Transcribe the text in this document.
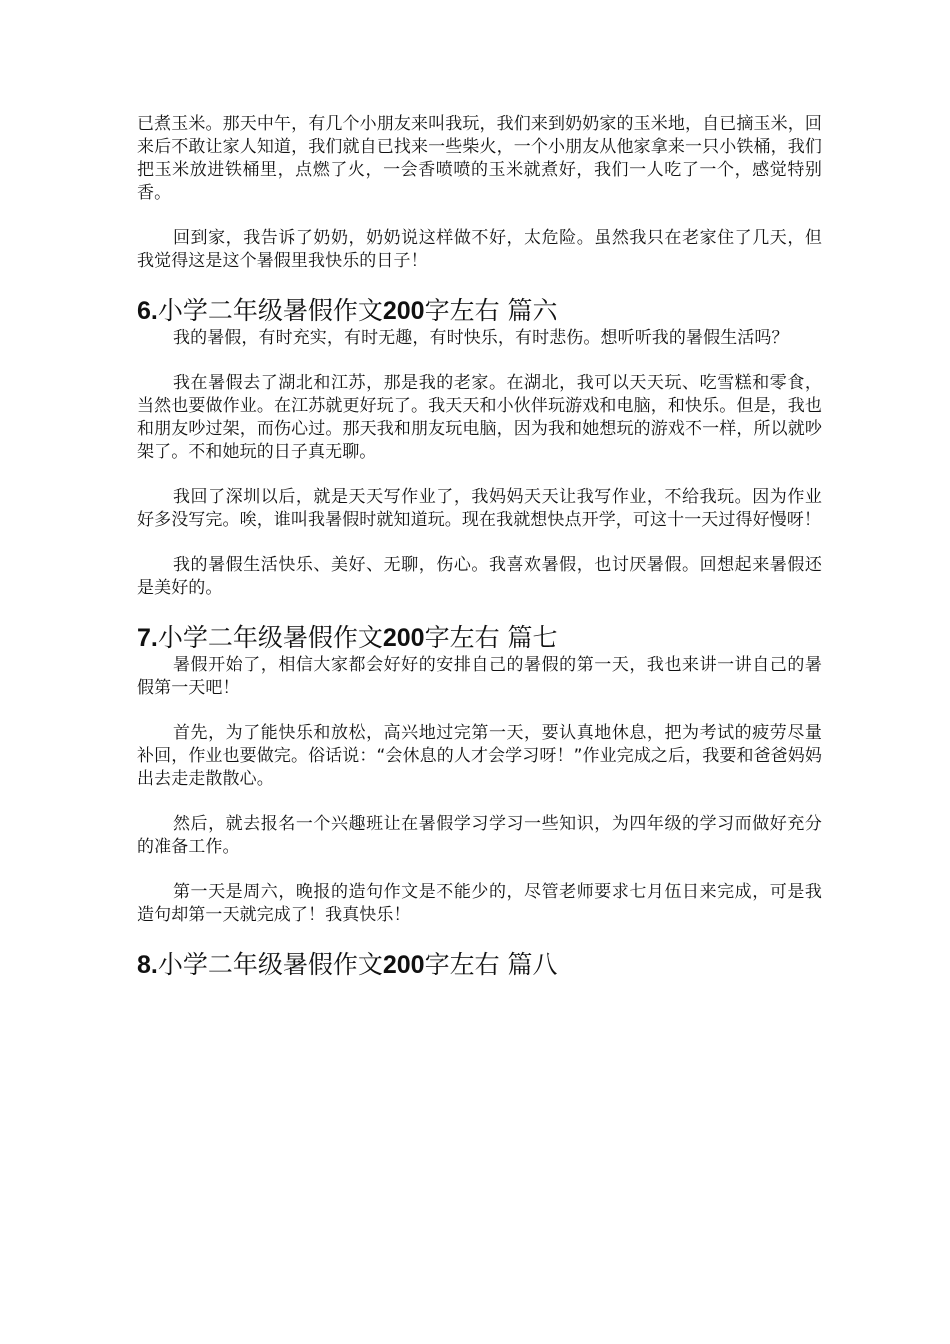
已煮玉米。那天中午，有几个小朋友来叫我玩，我们来到奶奶家的玉米地，自已摘玉米，回来后不敢让家人知道，我们就自已找来一些柴火，一个小朋友从他家拿来一只小铁桶，我们把玉米放进铁桶里，点燃了火，一会香喷喷的玉米就煮好，我们一人吃了一个，感觉特别香。

回到家，我告诉了奶奶，奶奶说这样做不好，太危险。虽然我只在老家住了几天，但我觉得这是这个暑假里我快乐的日子！

6.小学二年级暑假作文200字左右 篇六

我的暑假，有时充实，有时无趣，有时快乐，有时悲伤。想听听我的暑假生活吗？

我在暑假去了湖北和江苏，那是我的老家。在湖北，我可以天天玩、吃雪糕和零食，当然也要做作业。在江苏就更好玩了。我天天和小伙伴玩游戏和电脑，和快乐。但是，我也和朋友吵过架，而伤心过。那天我和朋友玩电脑，因为我和她想玩的游戏不一样，所以就吵架了。不和她玩的日子真无聊。

我回了深圳以后，就是天天写作业了，我妈妈天天让我写作业，不给我玩。因为作业好多没写完。唉，谁叫我暑假时就知道玩。现在我就想快点开学，可这十一天过得好慢呀！

我的暑假生活快乐、美好、无聊，伤心。我喜欢暑假，也讨厌暑假。回想起来暑假还是美好的。

7.小学二年级暑假作文200字左右 篇七

暑假开始了，相信大家都会好好的安排自己的暑假的第一天，我也来讲一讲自己的暑假第一天吧！

首先，为了能快乐和放松，高兴地过完第一天，要认真地休息，把为考试的疲劳尽量补回，作业也要做完。俗话说：“会休息的人才会学习呀！”作业完成之后，我要和爸爸妈妈出去走走散散心。

然后，就去报名一个兴趣班让在暑假学习学习一些知识，为四年级的学习而做好充分的准备工作。

第一天是周六，晚报的造句作文是不能少的，尽管老师要求七月伍日来完成，可是我造句却第一天就完成了！我真快乐！

8.小学二年级暑假作文200字左右 篇八
